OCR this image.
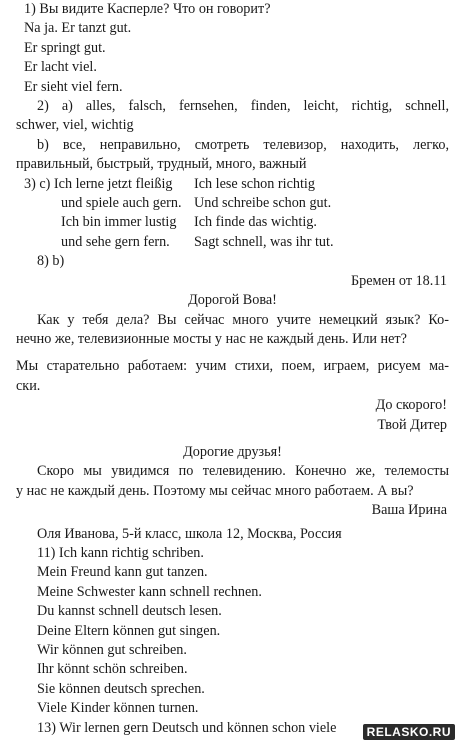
1) Вы видите Касперле? Что он говорит?
Na ja. Er tanzt gut.
Er springt gut.
Er lacht viel.
Er sieht viel fern.
2) a) alles, falsch, fernsehen, finden, leicht, richtig, schnell,
schwer, viel, wichtig
b) все, неправильно, смотреть телевизор, находить, легко,
правильный, быстрый, трудный, много, важный
3) c) Ich lerne jetzt fleißig	Ich lese schon richtig
und spiele auch gern. Und schreibe schon gut.
Ich bin immer lustig	Ich finde das wichtig.
und sehe gern fern.	Sagt schnell, was ihr tut.
8) b)
Бремен от 18.11
Дорогой Вова!
Как у тебя дела? Вы сейчас много учите немецкий язык? Ко-
нечно же, телевизионные мосты у нас не каждый день. Или нет?
Мы старательно работаем: учим стихи, поем, играем, рисуем ма-
ски.
До скорого!
Твой Дитер
Дорогие друзья!
Скоро мы увидимся по телевидению. Конечно же, телемосты
у нас не каждый день. Поэтому мы сейчас много работаем. А вы?
Ваша Ирина
Оля Иванова, 5-й класс, школа 12, Москва, Россия
11) Ich kann richtig schriben.
Mein Freund kann gut tanzen.
Meine Schwester kann schnell rechnen.
Du kannst schnell deutsch lesen.
Deine Eltern können gut singen.
Wir können gut schreiben.
Ihr könnt schön schreiben.
Sie können deutsch sprechen.
Viele Kinder können turnen.
13) Wir lernen gern Deutsch und können schon viele	RELASKO.RU
